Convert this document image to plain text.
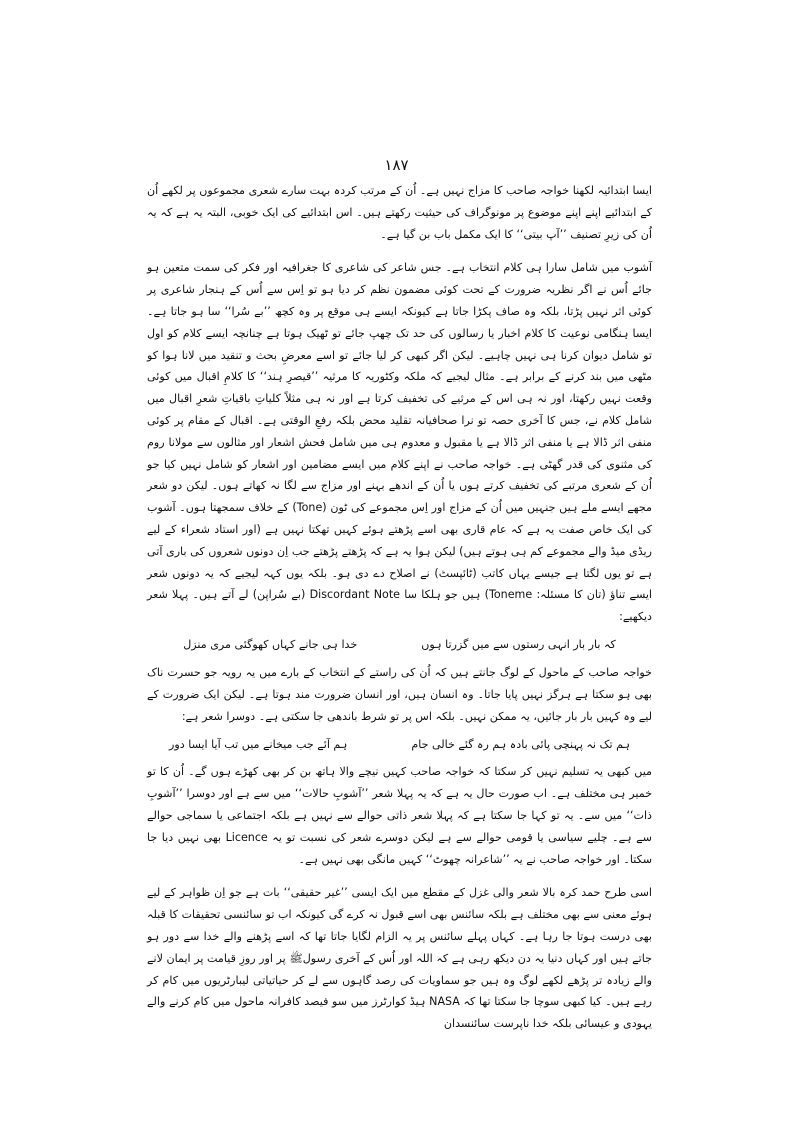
۱۸۷

ایسا ابتدائیہ لکھنا خواجہ صاحب کا مزاج نہیں ہے۔ اُن کے مرتب کردہ بہت سارے شعری مجموعوں پر لکھے اُن کے ابتدائیے اپنے اپنے موضوع پر مونوگراف کی حیثیت رکھتے ہیں۔ اس ابتدائیے کی ایک خوبی، البتہ یہ ہے کہ یہ اُن کی زیرِ تصنیف ’’آپ بیتی‘‘ کا ایک مکمل باب بن گیا ہے۔

آشوب میں شامل سارا ہی کلام انتخاب ہے۔ جس شاعر کی شاعری کا جغرافیہ اور فکر کی سمت متعین ہو جائے اُس نے اگر نظریہ ضرورت کے تحت کوئی مضمون نظم کر دیا ہو تو اِس سے اُس کے ہنجار شاعری پر کوئی اثر نہیں پڑتا، بلکہ وہ صاف پکڑا جاتا ہے کیونکہ ایسے ہی موقع پر وہ کچھ ’’بے سُرا‘‘ سا ہو جاتا ہے۔ ایسا ہنگامی نوعیت کا کلام اخبار یا رسالوں کی حد تک چھپ جائے تو ٹھیک ہوتا ہے چنانچہ ایسے کلام کو اول تو شامل دیوان کرنا ہی نہیں چاہیے۔ لیکن اگر کبھی کر لیا جائے تو اسے معرضِ بحث و تنقید میں لانا ہوا کو مٹھی میں بند کرنے کے برابر ہے۔ مثال لیجیے کہ ملکہ وکٹوریہ کا مرثیہ ’’قیصرِ ہند‘‘ کا کلامِ اقبال میں کوئی وقعت نہیں رکھتا، اور نہ ہی اس کے مرثیے کی تخفیف کرتا ہے اور نہ ہی مثلاً کلیاتِ باقیاتِ شعرِ اقبال میں شامل کلام نے، جس کا آخری حصہ تو نرا صحافیانہ تقلید محض بلکہ رفعِ الوقتی ہے۔ اقبال کے مقام پر کوئی منفی اثر ڈالا ہے یا منفی اثر ڈالا ہے یا مقبول و معدوم ہی میں شامل فحش اشعار اور مثالوں سے مولانا روم کی مثنوی کی قدر گھٹی ہے۔ خواجہ صاحب نے اپنے کلام میں ایسے مضامین اور اشعار کو شامل نہیں کیا جو اُن کے شعری مرتبے کی تخفیف کرتے ہوں یا اُن کے اندھے بہنے اور مزاج سے لگا نہ کھاتے ہوں۔ لیکن دو شعر مجھے ایسے ملے ہیں جنہیں میں اُن کے مزاج اور اِس مجموعے کی ٹون (Tone) کے خلاف سمجھتا ہوں۔ آشوب کی ایک خاص صفت یہ ہے کہ عام قاری بھی اسے پڑھتے ہوئے کہیں تھکتا نہیں ہے (اور استاد شعراء کے لیے ریڈی میڈ والے مجموعے کم ہی ہوتے ہیں) لیکن ہوا یہ ہے کہ پڑھتے پڑھتے جب اِن دونوں شعروں کی باری آتی ہے تو یوں لگتا ہے جیسے یہاں کاتب (ٹائپسٹ) نے اصلاح دے دی ہو۔ بلکہ یوں کہہ لیجیے کہ یہ دونوں شعر ایسے تناؤ (تان کا مسئلہ: Toneme) ہیں جو ہلکا سا Discordant Note (بے سُراپن) لے آتے ہیں۔ پہلا شعر دیکھیے:

خدا ہی جانے کہاں کھوگئی مری منزل	کہ بار بار انہی رستوں سے میں گزرتا ہوں

خواجہ صاحب کے ماحول کے لوگ جانتے ہیں کہ اُن کی راستے کے انتخاب کے بارے میں یہ رویہ جو حسرت ناک بھی ہو سکتا ہے ہرگز نہیں پایا جاتا۔ وہ انسان ہیں، اور انسان ضرورت مند ہوتا ہے۔ لیکن ایک ضرورت کے لیے وہ کہیں بار بار جائیں، یہ ممکن نہیں۔ بلکہ اس پر تو شرط باندھی جا سکتی ہے۔ دوسرا شعر ہے:

ہم آئے جب میخانے میں تب آیا ایسا دور	ہم تک نہ پہنچی پائی بادہ ہم رہ گئے خالی جام

میں کبھی یہ تسلیم نہیں کر سکتا کہ خواجہ صاحب کہیں نیچے والا ہاتھ بن کر بھی کھڑے ہوں گے۔ اُن کا تو خمیر ہی مختلف ہے۔ اب صورت حال یہ ہے کہ یہ پہلا شعر ’’آشوبِ حالات‘‘ میں سے ہے اور دوسرا ’’آشوبِ ذات‘‘ میں سے۔ یہ تو کہا جا سکتا ہے کہ پہلا شعر ذاتی حوالے سے نہیں ہے بلکہ اجتماعی یا سماجی حوالے سے ہے۔ چلیے سیاسی یا قومی حوالے سے ہے لیکن دوسرے شعر کی نسبت تو یہ Licence بھی نہیں دیا جا سکتا۔ اور خواجہ صاحب نے یہ ’’شاعرانہ چھوٹ‘‘ کہیں مانگی بھی نہیں ہے۔

اسی طرح حمد کرہ بالا شعر والی غزل کے مقطع میں ایک ایسی ’’غیر حقیقی‘‘ بات ہے جو اِن ظواہر کے لیے ہوئے معنی سے بھی مختلف ہے بلکہ سائنس بھی اسے قبول نہ کرے گی کیونکہ اب تو سائنسی تحقیقات کا قبلہ بھی درست ہوتا جا رہا ہے۔ کہاں پہلے سائنس پر یہ الزام لگایا جاتا تھا کہ اسے پڑھنے والے خدا سے دور ہو جاتے ہیں اور کہاں دنیا یہ دن دیکھ رہی ہے کہ اللہ اور اُس کے آخری رسولﷺ پر اور روزِ قیامت پر ایمان لانے والے زیادہ تر پڑھے لکھے لوگ وہ ہیں جو سماویات کی رصد گاہوں سے لے کر حیاتیاتی لیبارٹریوں میں کام کر رہے ہیں۔ کیا کبھی سوچا جا سکتا تھا کہ NASA ہیڈ کوارٹرز میں سو فیصد کافرانہ ماحول میں کام کرنے والے یہودی و عیسائی بلکہ خدا ناپرست سائنسدان
